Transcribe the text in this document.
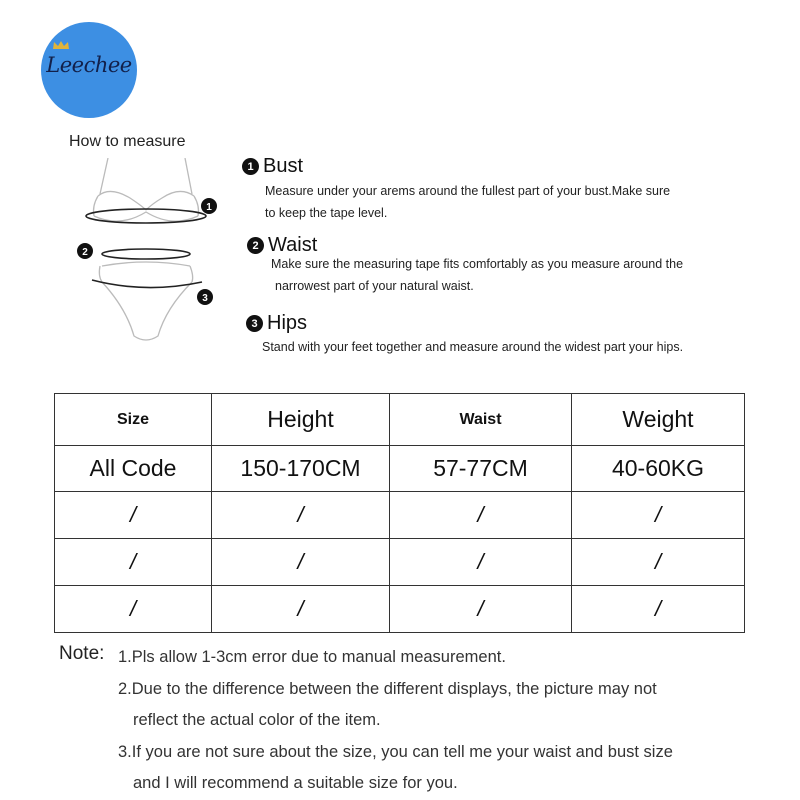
Leechee
How to measure
1
2
3
1 Bust
Measure under your arems around the fullest part of your bust.Make sure
to keep the tape level.
2 Waist
Make sure the measuring tape fits comfortably as you measure around the
narrowest part of your natural waist.
3 Hips
Stand with your feet together and measure around the widest part your hips.
Size	Height	Waist	Weight
All Code	150-170CM	57-77CM	40-60KG
/	/	/	/
/	/	/	/
/	/	/	/
Note: 1.Pls allow 1-3cm error due to manual measurement.
2.Due to the difference between the different displays, the picture may not
reflect the actual color of the item.
3.If you are not sure about the size, you can tell me your waist and bust size
and I will recommend a suitable size for you.
